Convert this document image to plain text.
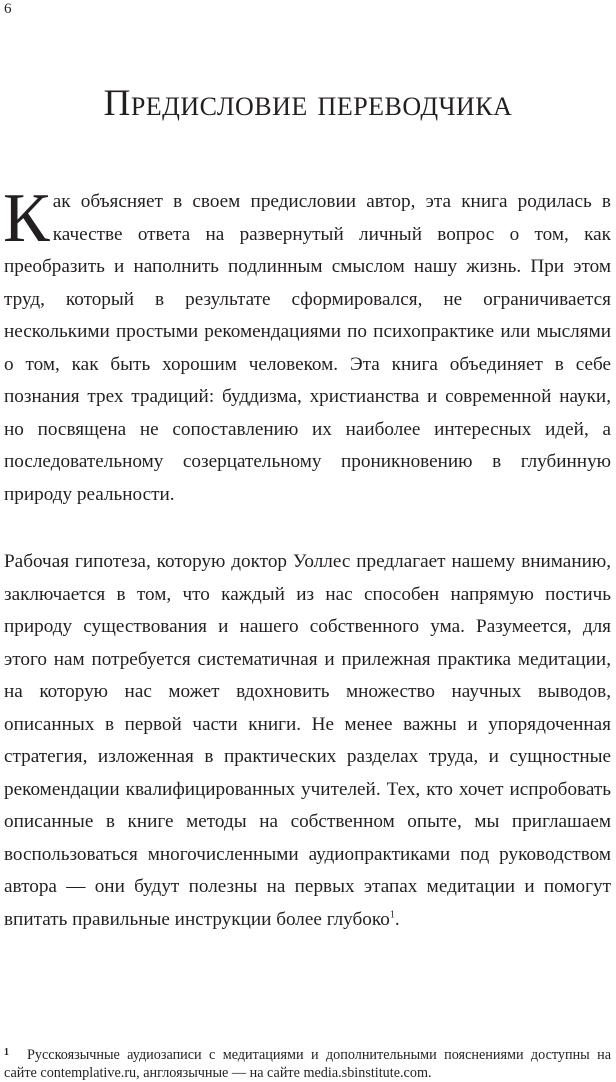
6
Предисловие переводчика

Как объясняет в своем предисловии автор, эта книга родилась в качестве ответа на развернутый личный вопрос о том, как преобразить и наполнить подлинным смыслом нашу жизнь. При этом труд, который в результате сформировался, не ограничивается несколькими простыми рекомендациями по психопрактике или мыслями о том, как быть хорошим человеком. Эта книга объединяет в себе познания трех традиций: буддизма, христианства и современной науки, но посвящена не сопоставлению их наиболее интересных идей, а последовательному созерцательному проникновению в глубинную природу реальности.

Рабочая гипотеза, которую доктор Уоллес предлагает нашему вниманию, заключается в том, что каждый из нас способен напрямую постичь природу существования и нашего собственного ума. Разумеется, для этого нам потребуется систематичная и прилежная практика медитации, на которую нас может вдохновить множество научных выводов, описанных в первой части книги. Не менее важны и упорядоченная стратегия, изложенная в практических разделах труда, и сущностные рекомендации квалифицированных учителей. Тех, кто хочет испробовать описанные в книге методы на собственном опыте, мы приглашаем воспользоваться многочисленными аудиопрактиками под руководством автора — они будут полезны на первых этапах медитации и помогут впитать правильные инструкции более глубоко$^1$.

$^1$ Русскоязычные аудиозаписи с медитациями и дополнительными пояснениями доступны на сайте contemplative.ru, англоязычные — на сайте media.sbinstitute.com.
